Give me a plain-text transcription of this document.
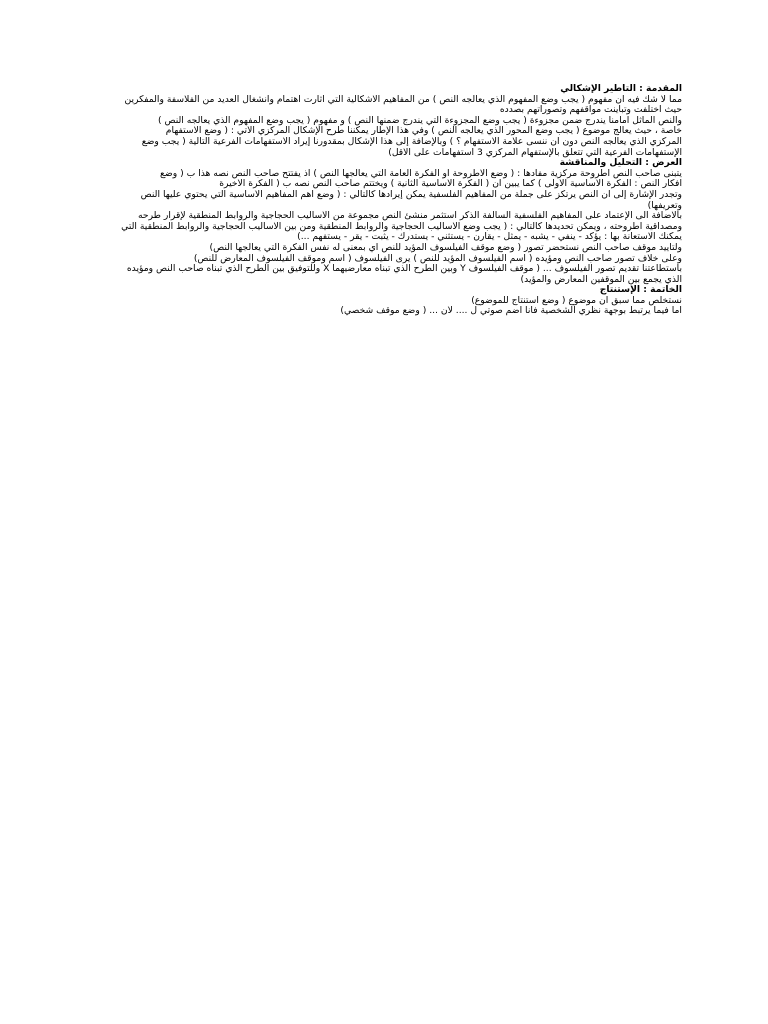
المقدمة : التأطير الإشكالي
مما لا شك فيه أن مفهوم ( يجب وضع المفهوم الذي يعالجه النص ) من المفاهيم الاشكالية التي أثارت اهتمام وانشغال العديد من الفلاسفة والمفكرين
حيث اختلفت وتباينت مواقفهم وتصوراتهم بصدده
والنص الماثل أمامنا يندرج ضمن مجزوءة ( يجب وضع المجزوءة التي يندرج ضمنها النص ) و مفهوم ( يجب وضع المفهوم الذي يعالجه النص )
خاصة ، حيث يعالج موضوع ( يجب وضع المحور الذي يعالجه النص ) وفي هذا الإطار يمكننا طرح الإشكال المركزي الآتي : ( وضع الاستفهام
المركزي الذي يعالجه النص دون أن ننسى علامة الاستفهام ؟ ) وبالإضافة إلى هذا الإشكال بمقدورنا إيراد الاستفهامات الفرعية التالية ( يجب وضع
الإستفهامات الفرعية التي تتعلق بالإستفهام المركزي 3 استفهامات على الأقل)
العرض : التحليل والمناقشة
يتبنى صاحب النص اطروحة مركزية مفادها : ( وضع الاطروحة او الفكرة العامة التي يعالجها النص ) اذ يفتتح صاحب النص نصه هذا ب ( وضع
افكار النص : الفكرة الأساسية الأولى ) كما يبين أن ( الفكرة الأساسية الثانية ) ويختتم صاحب النص نصه ب ( الفكرة الأخيرة
وتجدر الإشارة إلى أن النص يرتكز على جملة من المفاهيم الفلسفية يمكن إيرادها كالتالي : ( وضع أهم المفاهيم الأساسية التي يحتوي عليها النص
وتعريفها)
بالاضافة الى الإعتماد على المفاهيم الفلسفية السالفة الذكر استثمر منشئ النص مجموعة من الأساليب الحجاجية والروابط المنطقية لإقرار طرحه
ومصداقية أطروحته ، ويمكن تحديدها كالتالي : ( يجب وضع الأساليب الحجاجية والروابط المنطقية ومن بين الاساليب الحجاجية والروابط المنطقية التي
يمكنك الاستعانة بها : يؤكد - ينفي - يشبه - يمثل - يقارن - يستثني - يستدرك - يثبت - يقر - يستفهم ...)
ولتأييد موقف صاحب النص نستحضر تصور ( وضع موقف الفيلسوف المؤيد للنص أي بمعنى له نفس الفكرة التي يعالجها النص)
وعلى خلاف تصور صاحب النص ومؤيده ( اسم الفيلسوف المؤيد للنص ) يرى الفيلسوف ( اسم وموقف الفيلسوف المعارض للنص)
باستطاعتنا تقديم تصور الفيلسوف ... ( موقف الفيلسوف Y وبين الطرح الذي تبناه معارضيهما X وللتوفيق بين الطرح الذي تبناه صاحب النص ومؤيده
الذي يجمع بين الموقفين المعارض والمؤيد)
الخاتمة : الإستنتاج
نستخلص مما سبق أن موضوع ( وضع استنتاج للموضوع)
أما فيما يرتبط بوجهة نظري الشخصية فأنا أضم صوتي ل .... لأن ... ( وضع موقف شخصي)
